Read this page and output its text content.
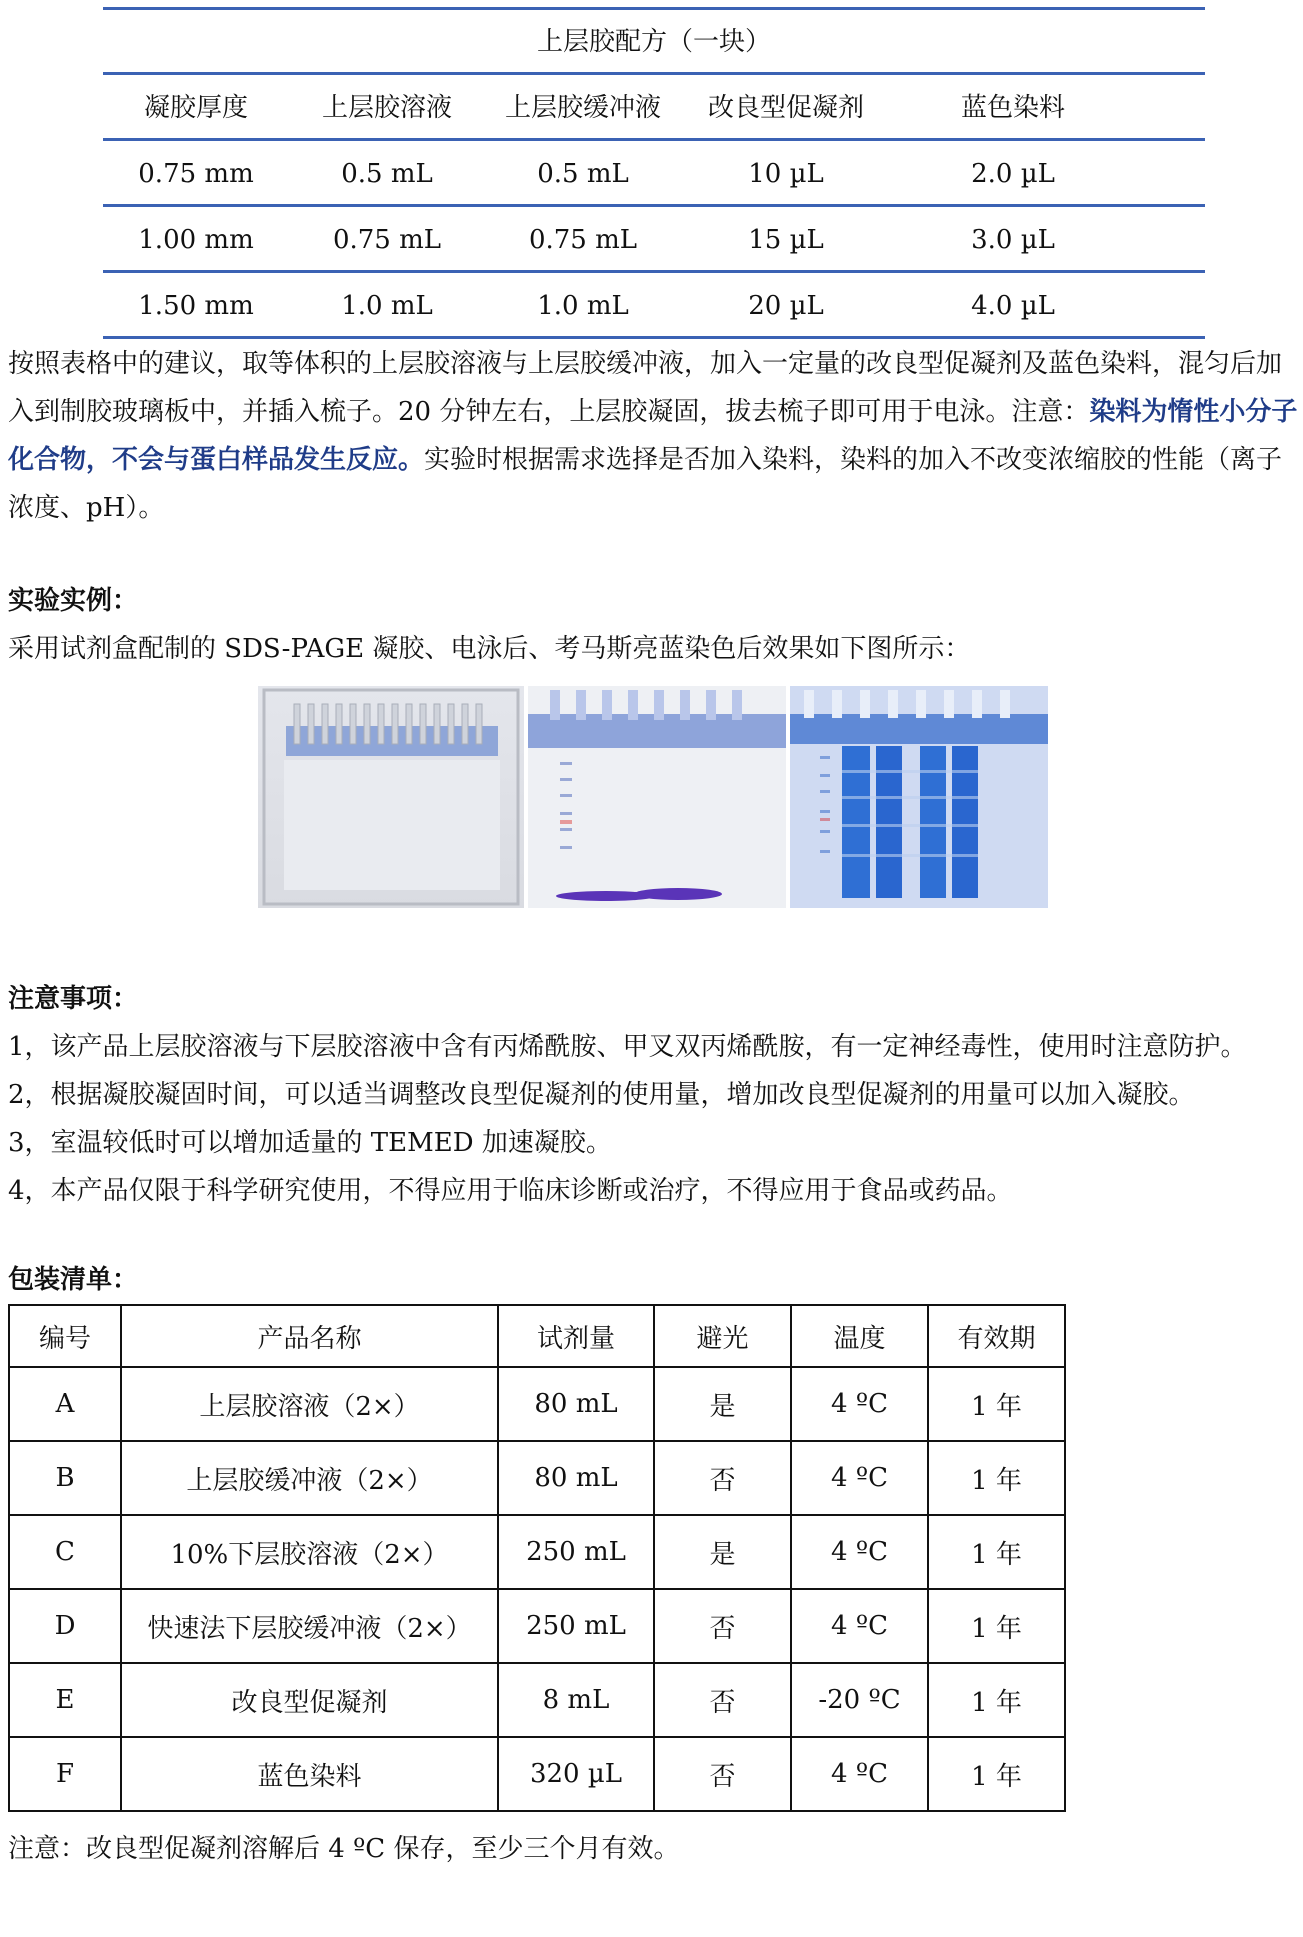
上层胶配方（一块）
凝胶厚度	上层胶溶液	上层胶缓冲液	改良型促凝剂	蓝色染料
0.75 mm	0.5 mL	0.5 mL	10 µL	2.0 µL
1.00 mm	0.75 mL	0.75 mL	15 µL	3.0 µL
1.50 mm	1.0 mL	1.0 mL	20 µL	4.0 µL
按照表格中的建议，取等体积的上层胶溶液与上层胶缓冲液，加入一定量的改良型促凝剂及蓝色染料，混匀后加入到制胶玻璃板中，并插入梳子。20 分钟左右，上层胶凝固，拔去梳子即可用于电泳。注意：染料为惰性小分子化合物，不会与蛋白样品发生反应。实验时根据需求选择是否加入染料，染料的加入不改变浓缩胶的性能（离子浓度、pH）。
实验实例：
采用试剂盒配制的 SDS-PAGE 凝胶、电泳后、考马斯亮蓝染色后效果如下图所示：
注意事项：
1，该产品上层胶溶液与下层胶溶液中含有丙烯酰胺、甲叉双丙烯酰胺，有一定神经毒性，使用时注意防护。
2，根据凝胶凝固时间，可以适当调整改良型促凝剂的使用量，增加改良型促凝剂的用量可以加入凝胶。
3，室温较低时可以增加适量的 TEMED 加速凝胶。
4，本产品仅限于科学研究使用，不得应用于临床诊断或治疗，不得应用于食品或药品。
包装清单：
编号	产品名称	试剂量	避光	温度	有效期
A	上层胶溶液（2×）	80 mL	是	4 ºC	1 年
B	上层胶缓冲液（2×）	80 mL	否	4 ºC	1 年
C	10%下层胶溶液（2×）	250 mL	是	4 ºC	1 年
D	快速法下层胶缓冲液（2×）	250 mL	否	4 ºC	1 年
E	改良型促凝剂	8 mL	否	-20 ºC	1 年
F	蓝色染料	320 µL	否	4 ºC	1 年
注意：改良型促凝剂溶解后 4 ºC 保存，至少三个月有效。
